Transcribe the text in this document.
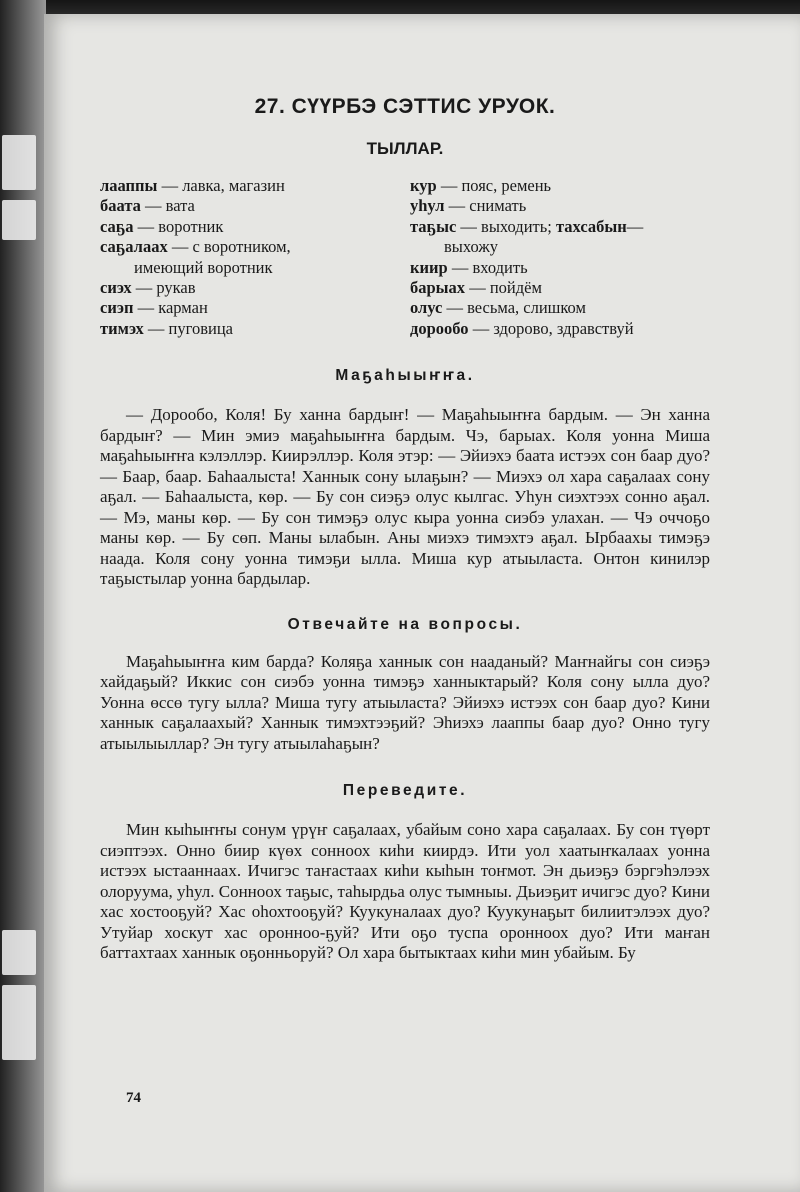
27. СҮҮРБЭ СЭТТИС УРУОК.
ТЫЛЛАР.
лааппы — лавка, магазин
баата — вата
саҕа — воротник
саҕалаах — с воротником,
имеющий воротник
сиэх — рукав
сиэп — карман
тимэх — пуговица
кур — пояс, ремень
уһул — снимать
таҕыс — выходить; тахсабын—
выхожу
киир — входить
барыах — пойдём
олус — весьма, слишком
дорообо — здорово, здравствуй
Маҕаһыыҥҥа.

— Дорообо, Коля! Бу ханна бардыҥ! — Маҕаһыыҥҥа бардым. — Эн ханна бардыҥ? — Мин эмиэ маҕаһыыҥҥа бардым. Чэ, барыах. Коля уонна Миша маҕаһыыҥҥа кэлэллэр. Киирэллэр. Коля этэр: — Эйиэхэ баата истээх сон баар дуо? — Баар, баар. Баһаалыста! Ханнык сону ылаҕын? — Миэхэ ол хара саҕалаах сону аҕал. — Баһаалыста, көр. — Бу сон сиэҕэ олус кылгас. Уһун сиэхтээх сонно аҕал. — Мэ, маны көр. — Бу сон тимэҕэ олус кыра уонна сиэбэ улахан. — Чэ оччоҕо маны көр. — Бу сөп. Маны ылабын. Аны миэхэ тимэхтэ аҕал. Ырбаахы тимэҕэ наада. Коля сону уонна тимэҕи ылла. Миша кур атыыласта. Онтон кинилэр таҕыстылар уонна бардылар.

Отвечайте на вопросы.

Маҕаһыыҥҥа ким барда? Коляҕа ханнык сон нааданый? Маҥнайгы сон сиэҕэ хайдаҕый? Иккис сон сиэбэ уонна тимэҕэ ханныктарый? Коля сону ылла дуо? Уонна өссө тугу ылла? Миша тугу атыыласта? Эйиэхэ истээх сон баар дуо? Кини ханнык саҕалаахый? Ханнык тимэхтээҕий? Эһиэхэ лааппы баар дуо? Онно тугу атыылыыллар? Эн тугу атыылаһаҕын?

Переведите.

Мин кыһыҥҥы сонум үрүҥ саҕалаах, убайым соно хара саҕалаах. Бу сон түөрт сиэптээх. Онно биир күөх сонноох киһи киирдэ. Ити уол хаатыҥкалаах уонна истээх ыстааннаах. Ичигэс таҥастаах киһи кыһын тоҥмот. Эн дьиэҕэ бэргэһэлээх олоруума, уһул. Сонноох таҕыс, таһырдьа олус тымныы. Дьиэҕит ичигэс дуо? Кини хас хостооҕуй? Хас оһохтооҕуй? Куукуналаах дуо? Куукунаҕыт билиитэлээх дуо? Утуйар хоскут хас оронноо-ҕуй? Ити оҕо туспа оронноох дуо? Ити маҥан баттахтаах ханнык оҕонньоруй? Ол хара бытыктаах киһи мин убайым. Бу

74
